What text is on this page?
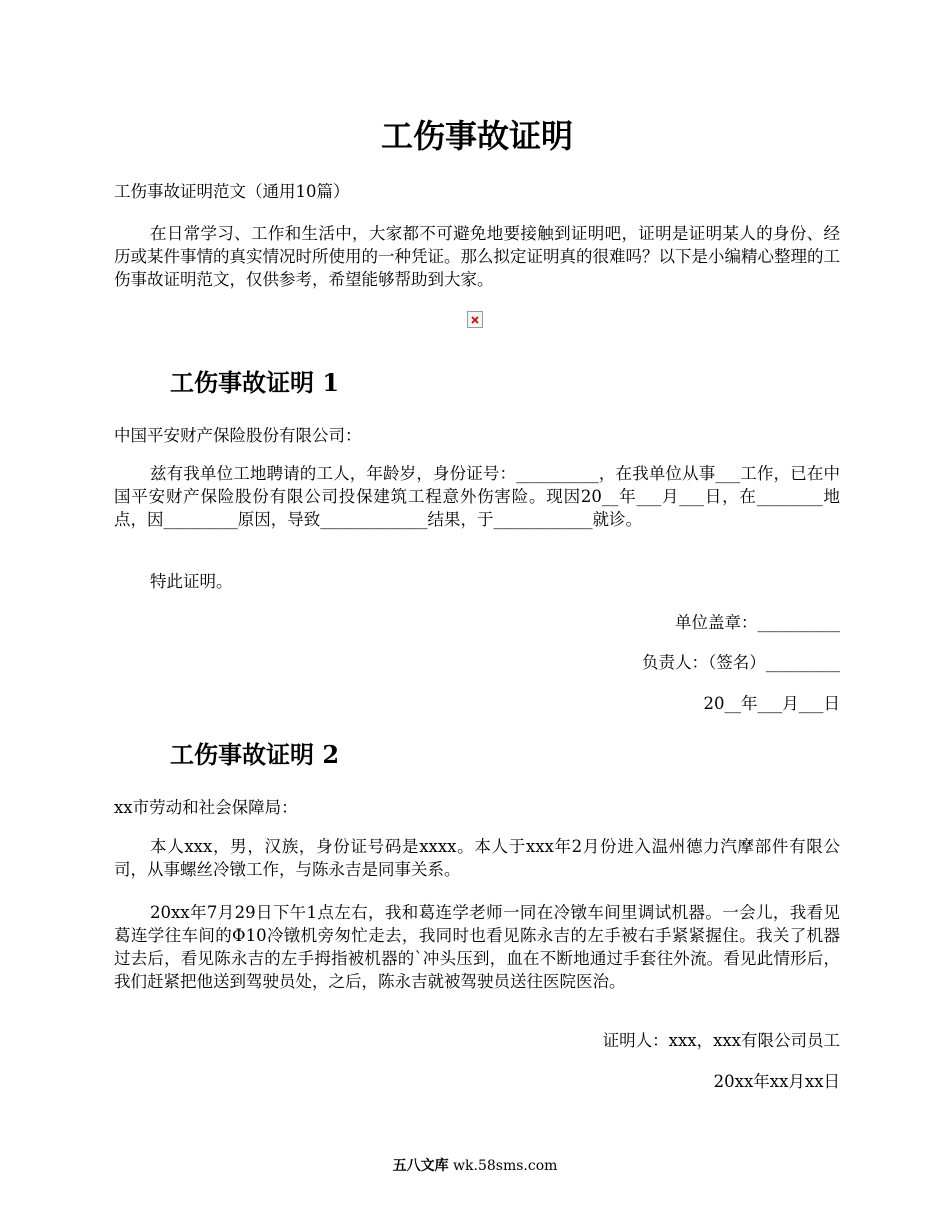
工伤事故证明

工伤事故证明范文（通用10篇）

在日常学习、工作和生活中，大家都不可避免地要接触到证明吧，证明是证明某人的身份、经历或某件事情的真实情况时所使用的一种凭证。那么拟定证明真的很难吗？以下是小编精心整理的工伤事故证明范文，仅供参考，希望能够帮助到大家。

工伤事故证明 1

中国平安财产保险股份有限公司：

兹有我单位工地聘请的工人，年龄岁，身份证号：__________，在我单位从事___工作，已在中国平安财产保险股份有限公司投保建筑工程意外伤害险。现因20__年___月___日，在________地点，因_________原因，导致_____________结果，于____________就诊。

特此证明。

单位盖章：__________

负责人：（签名）_________

20__年___月___日

工伤事故证明 2

xx市劳动和社会保障局：

本人xxx，男，汉族，身份证号码是xxxx。本人于xxx年2月份进入温州德力汽摩部件有限公司，从事螺丝冷镦工作，与陈永吉是同事关系。

20xx年7月29日下午1点左右，我和葛连学老师一同在冷镦车间里调试机器。一会儿，我看见葛连学往车间的Φ10冷镦机旁匆忙走去，我同时也看见陈永吉的左手被右手紧紧握住。我关了机器过去后，看见陈永吉的左手拇指被机器的`冲头压到，血在不断地通过手套往外流。看见此情形后，我们赶紧把他送到驾驶员处，之后，陈永吉就被驾驶员送往医院医治。

证明人：xxx，xxx有限公司员工

20xx年xx月xx日

五八文库 wk.58sms.com
